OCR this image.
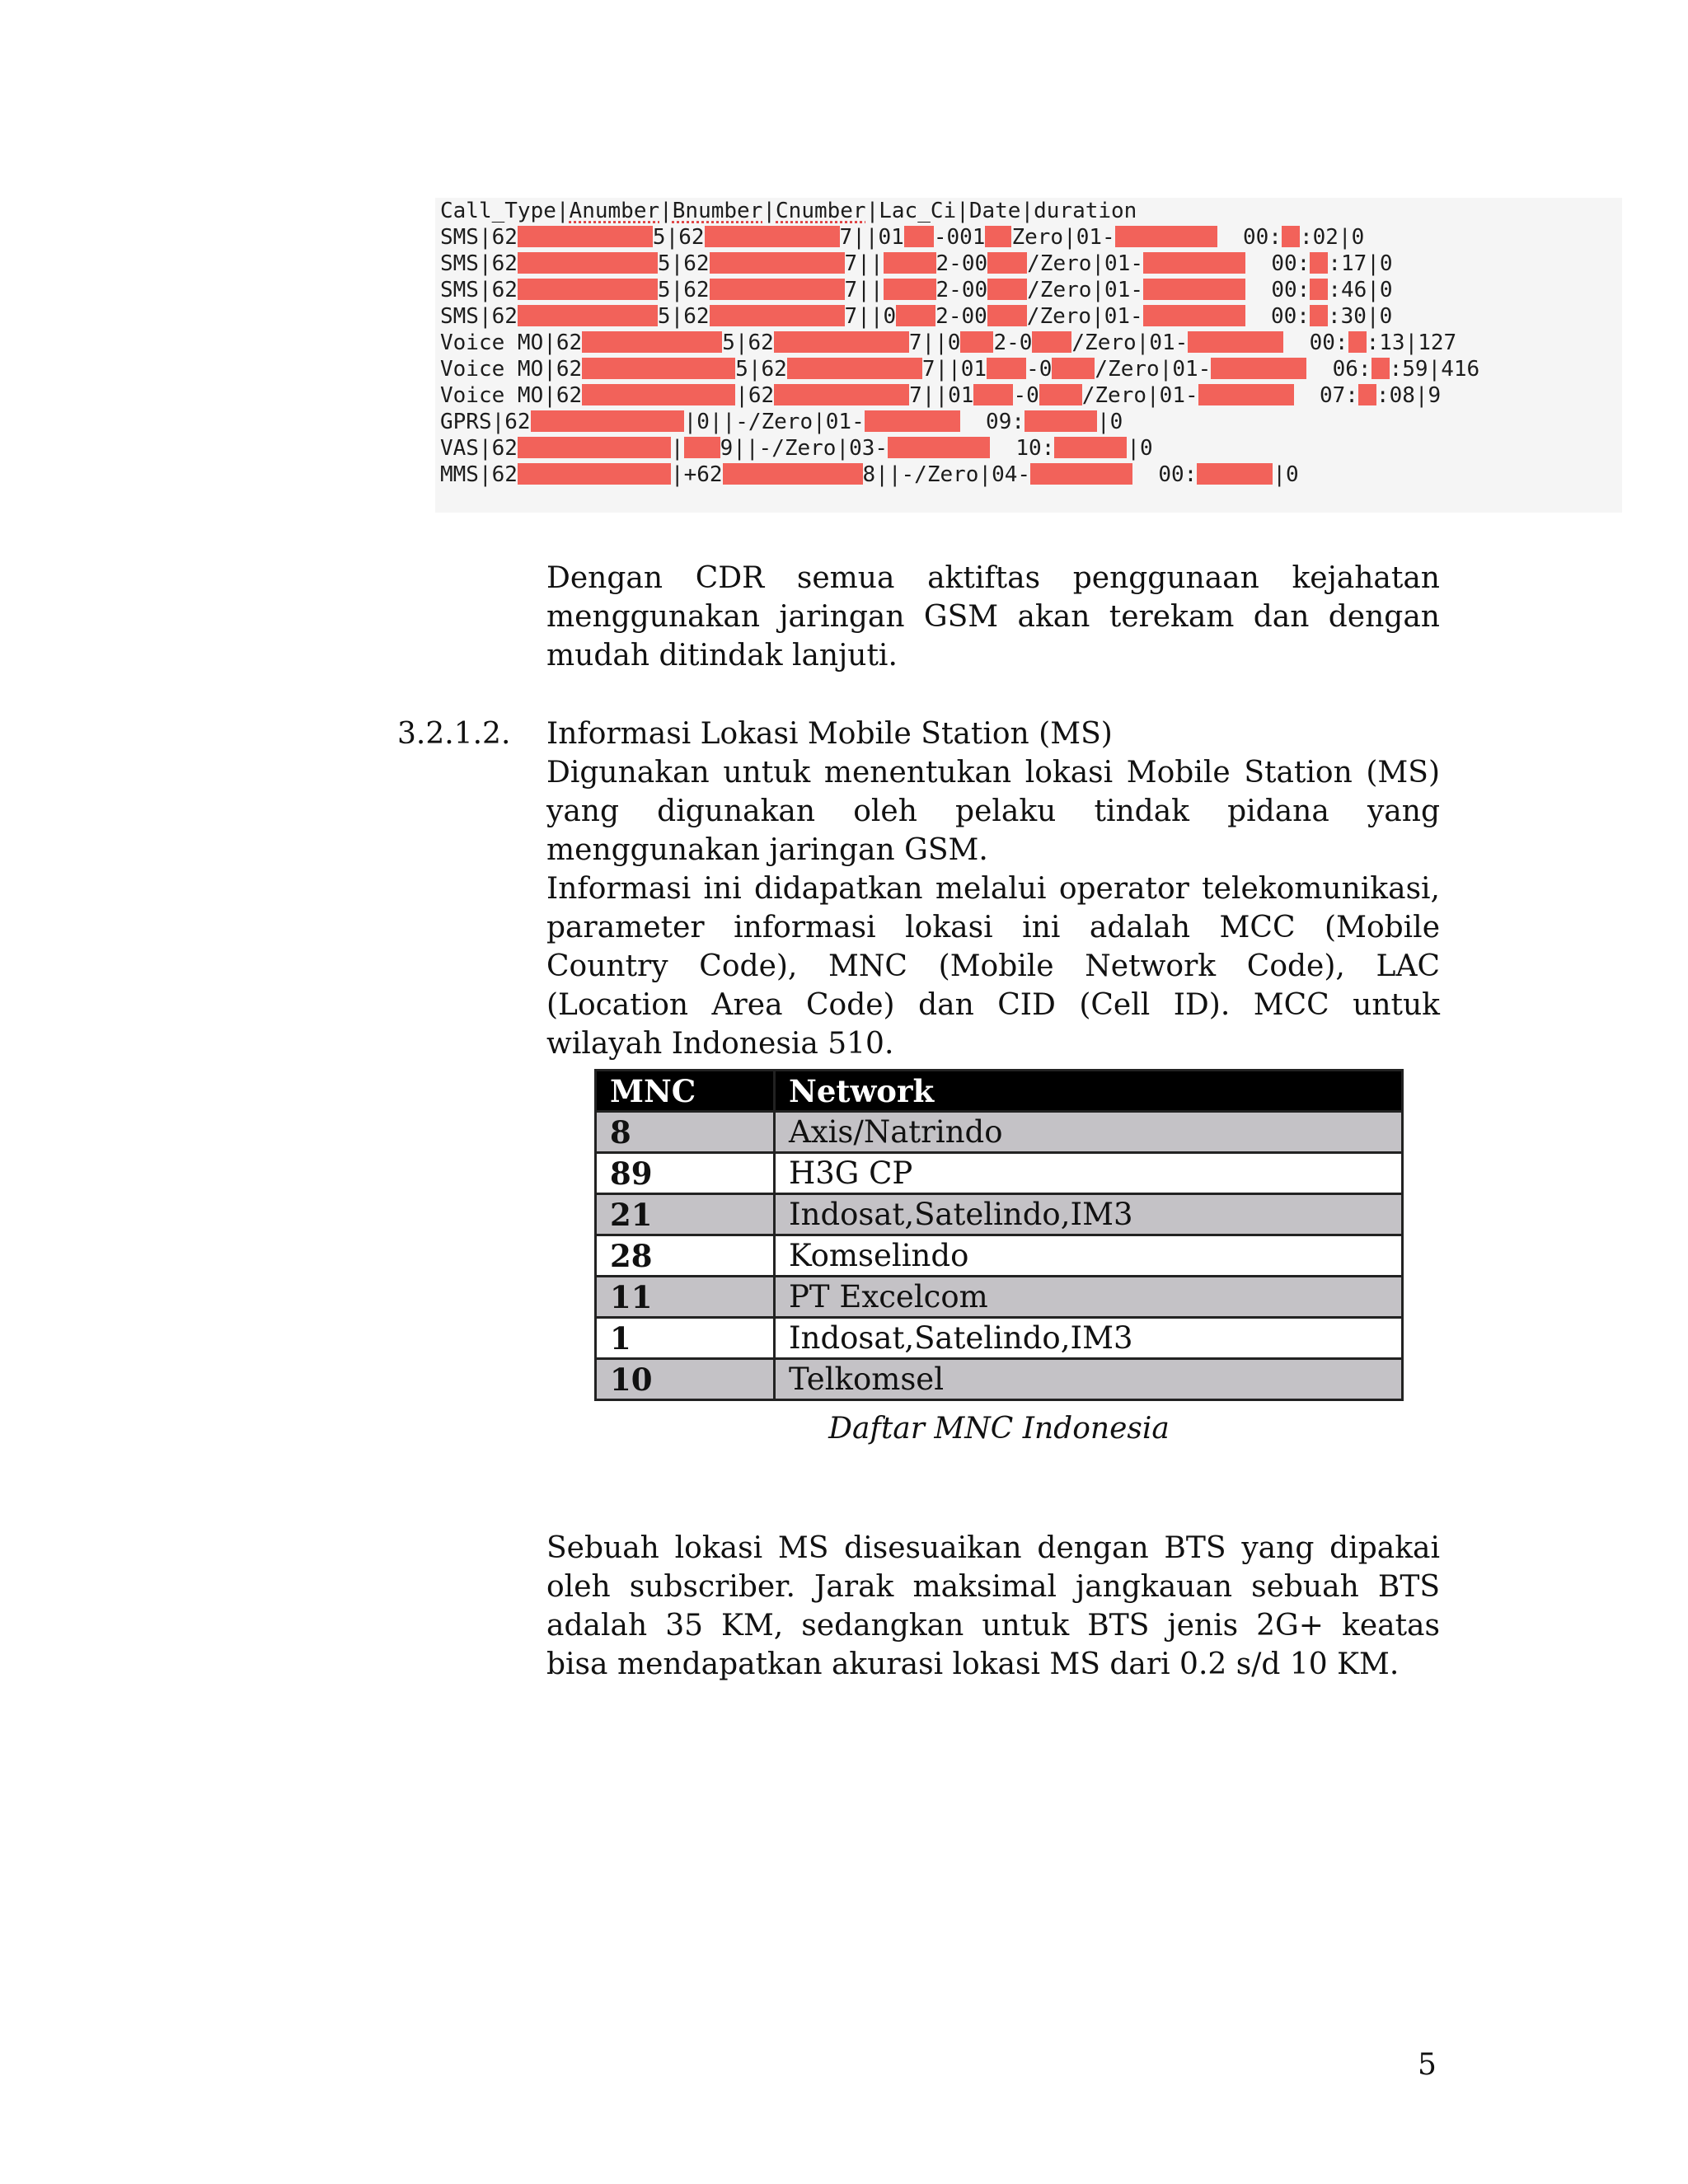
Call_Type|Anumber|Bnumber|Cnumber|Lac_Ci|Date|duration
SMS|62	5|62	7||01 -001 Zero|01-	00: :02|0
SMS|62	5|62	7|| 2-00 /Zero|01-	00: :17|0
SMS|62	5|62	7|| 2-00 /Zero|01-	00: :46|0
SMS|62	5|62	7||0 2-00 /Zero|01-	00: :30|0
Voice MO|62	5|62	7||0 2-0 /Zero|01-	00: :13|127
Voice MO|62	5|62	7||01 -0 /Zero|01-	06: :59|416
Voice MO|62	|62	7||01 -0 /Zero|01-	07: :08|9
GPRS|62	|0||-/Zero|01-	09:	|0
VAS|62	| 9||-/Zero|03-	10:	|0
MMS|62	|+62	8||-/Zero|04-	00:	|0

Dengan CDR semua aktiftas penggunaan kejahatan menggunakan jaringan GSM akan terekam dan dengan mudah ditindak lanjuti.

3.2.1.2. Informasi Lokasi Mobile Station (MS)

Digunakan untuk menentukan lokasi Mobile Station (MS) yang digunakan oleh pelaku tindak pidana yang menggunakan jaringan GSM.

Informasi ini didapatkan melalui operator telekomunikasi, parameter informasi lokasi ini adalah MCC (Mobile Country Code), MNC (Mobile Network Code), LAC (Location Area Code) dan CID (Cell ID). MCC untuk wilayah Indonesia 510.

MNC	Network
8	Axis/Natrindo
89	H3G CP
21	Indosat,Satelindo,IM3
28	Komselindo
11	PT Excelcom
1	Indosat,Satelindo,IM3
10	Telkomsel
Daftar MNC Indonesia

Sebuah lokasi MS disesuaikan dengan BTS yang dipakai oleh subscriber. Jarak maksimal jangkauan sebuah BTS adalah 35 KM, sedangkan untuk BTS jenis 2G+ keatas bisa mendapatkan akurasi lokasi MS dari 0.2 s/d 10 KM.

5
